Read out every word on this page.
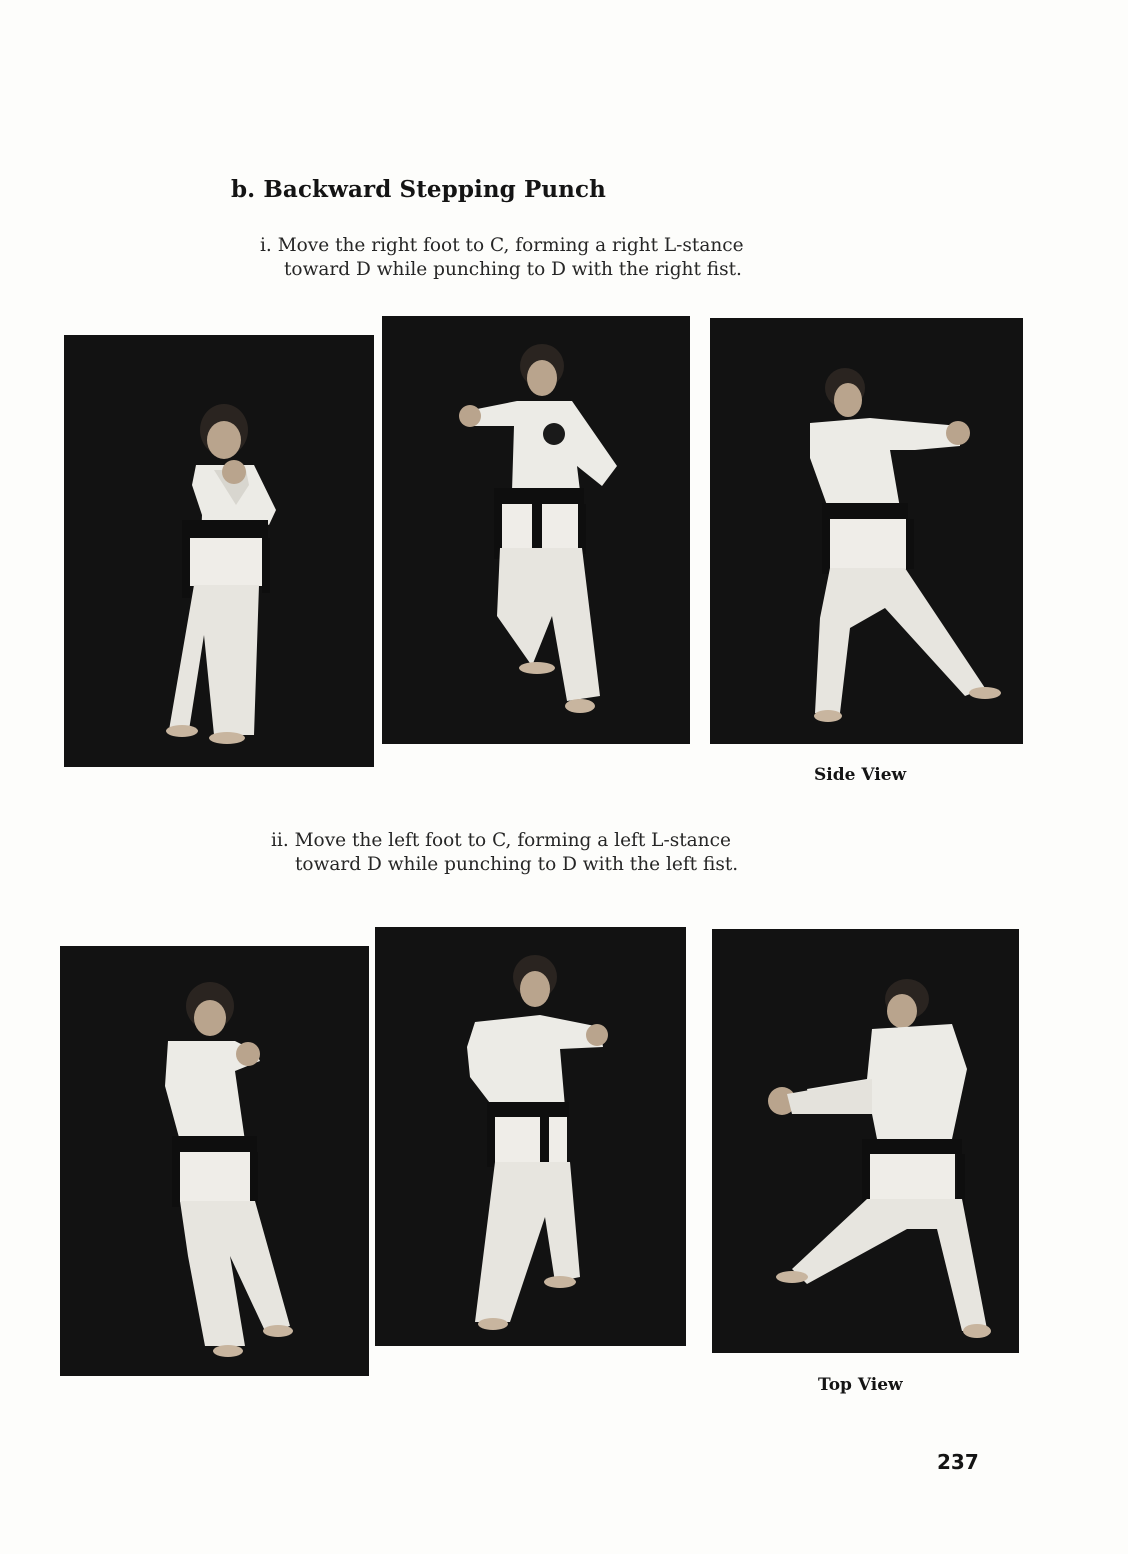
b. Backward Stepping Punch
i. Move the right foot to C, forming a right L-stance
toward D while punching to D with the right fist.
Side View
ii. Move the left foot to C, forming a left L-stance
toward D while punching to D with the left fist.
Top View
237
